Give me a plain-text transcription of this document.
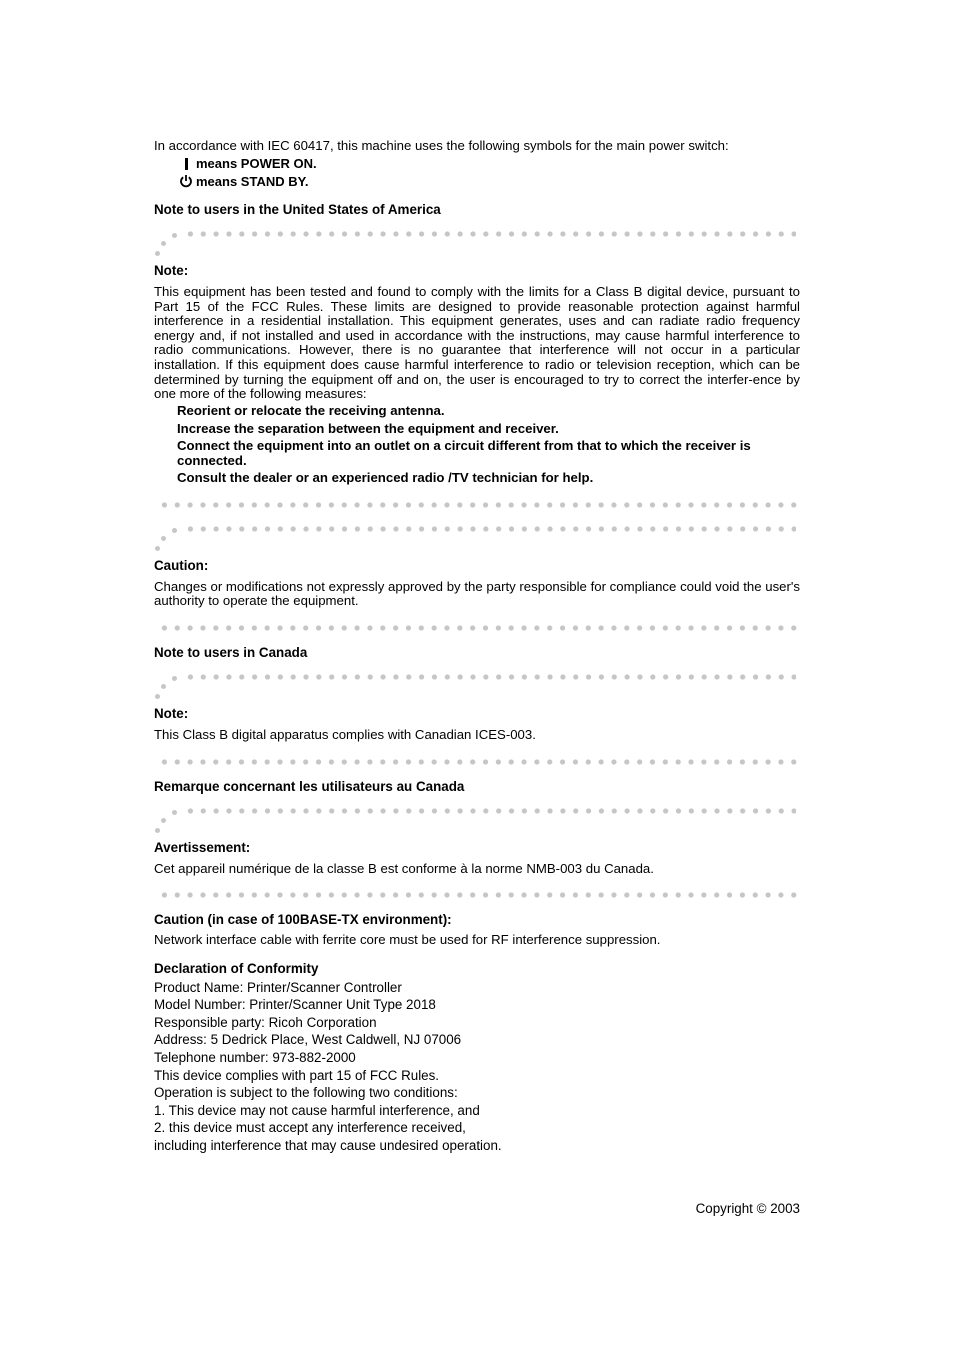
In accordance with IEC 60417, this machine uses the following symbols for the main power switch:

means POWER ON.
means STAND BY.

Note to users in the United States of America

Note:

This equipment has been tested and found to comply with the limits for a Class B digital device, pursuant to Part 15 of the FCC Rules. These limits are designed to provide reasonable protection against harmful interference in a residential installation. This equipment generates, uses and can radiate radio frequency energy and, if not installed and used in accordance with the instructions, may cause harmful interference to radio communications. However, there is no guarantee that interference will not occur in a particular installation. If this equipment does cause harmful interference to radio or television reception, which can be determined by turning the equipment off and on, the user is encouraged to try to correct the interfer-ence by one more of the following measures:

Reorient or relocate the receiving antenna.
Increase the separation between the equipment and receiver.
Connect the equipment into an outlet on a circuit different from that to which the receiver is connected.
Consult the dealer or an experienced radio /TV technician for help.

Caution:

Changes or modifications not expressly approved by the party responsible for compliance could void the user's authority to operate the equipment.

Note to users in Canada

Note:

This Class B digital apparatus complies with Canadian ICES-003.

Remarque concernant les utilisateurs au Canada

Avertissement:

Cet appareil numérique de la classe B est conforme à la norme NMB-003 du Canada.

Caution (in case of 100BASE-TX environment):

Network interface cable with ferrite core must be used for RF interference suppression.

Declaration of Conformity

Product Name: Printer/Scanner Controller

Model Number: Printer/Scanner Unit Type 2018

Responsible party: Ricoh Corporation

Address: 5 Dedrick Place, West Caldwell, NJ 07006

Telephone number: 973-882-2000

This device complies with part 15 of FCC Rules.

Operation is subject to the following two conditions:

1. This device may not cause harmful interference, and

2. this device must accept any interference received,

including interference that may cause undesired operation.

Copyright © 2003
